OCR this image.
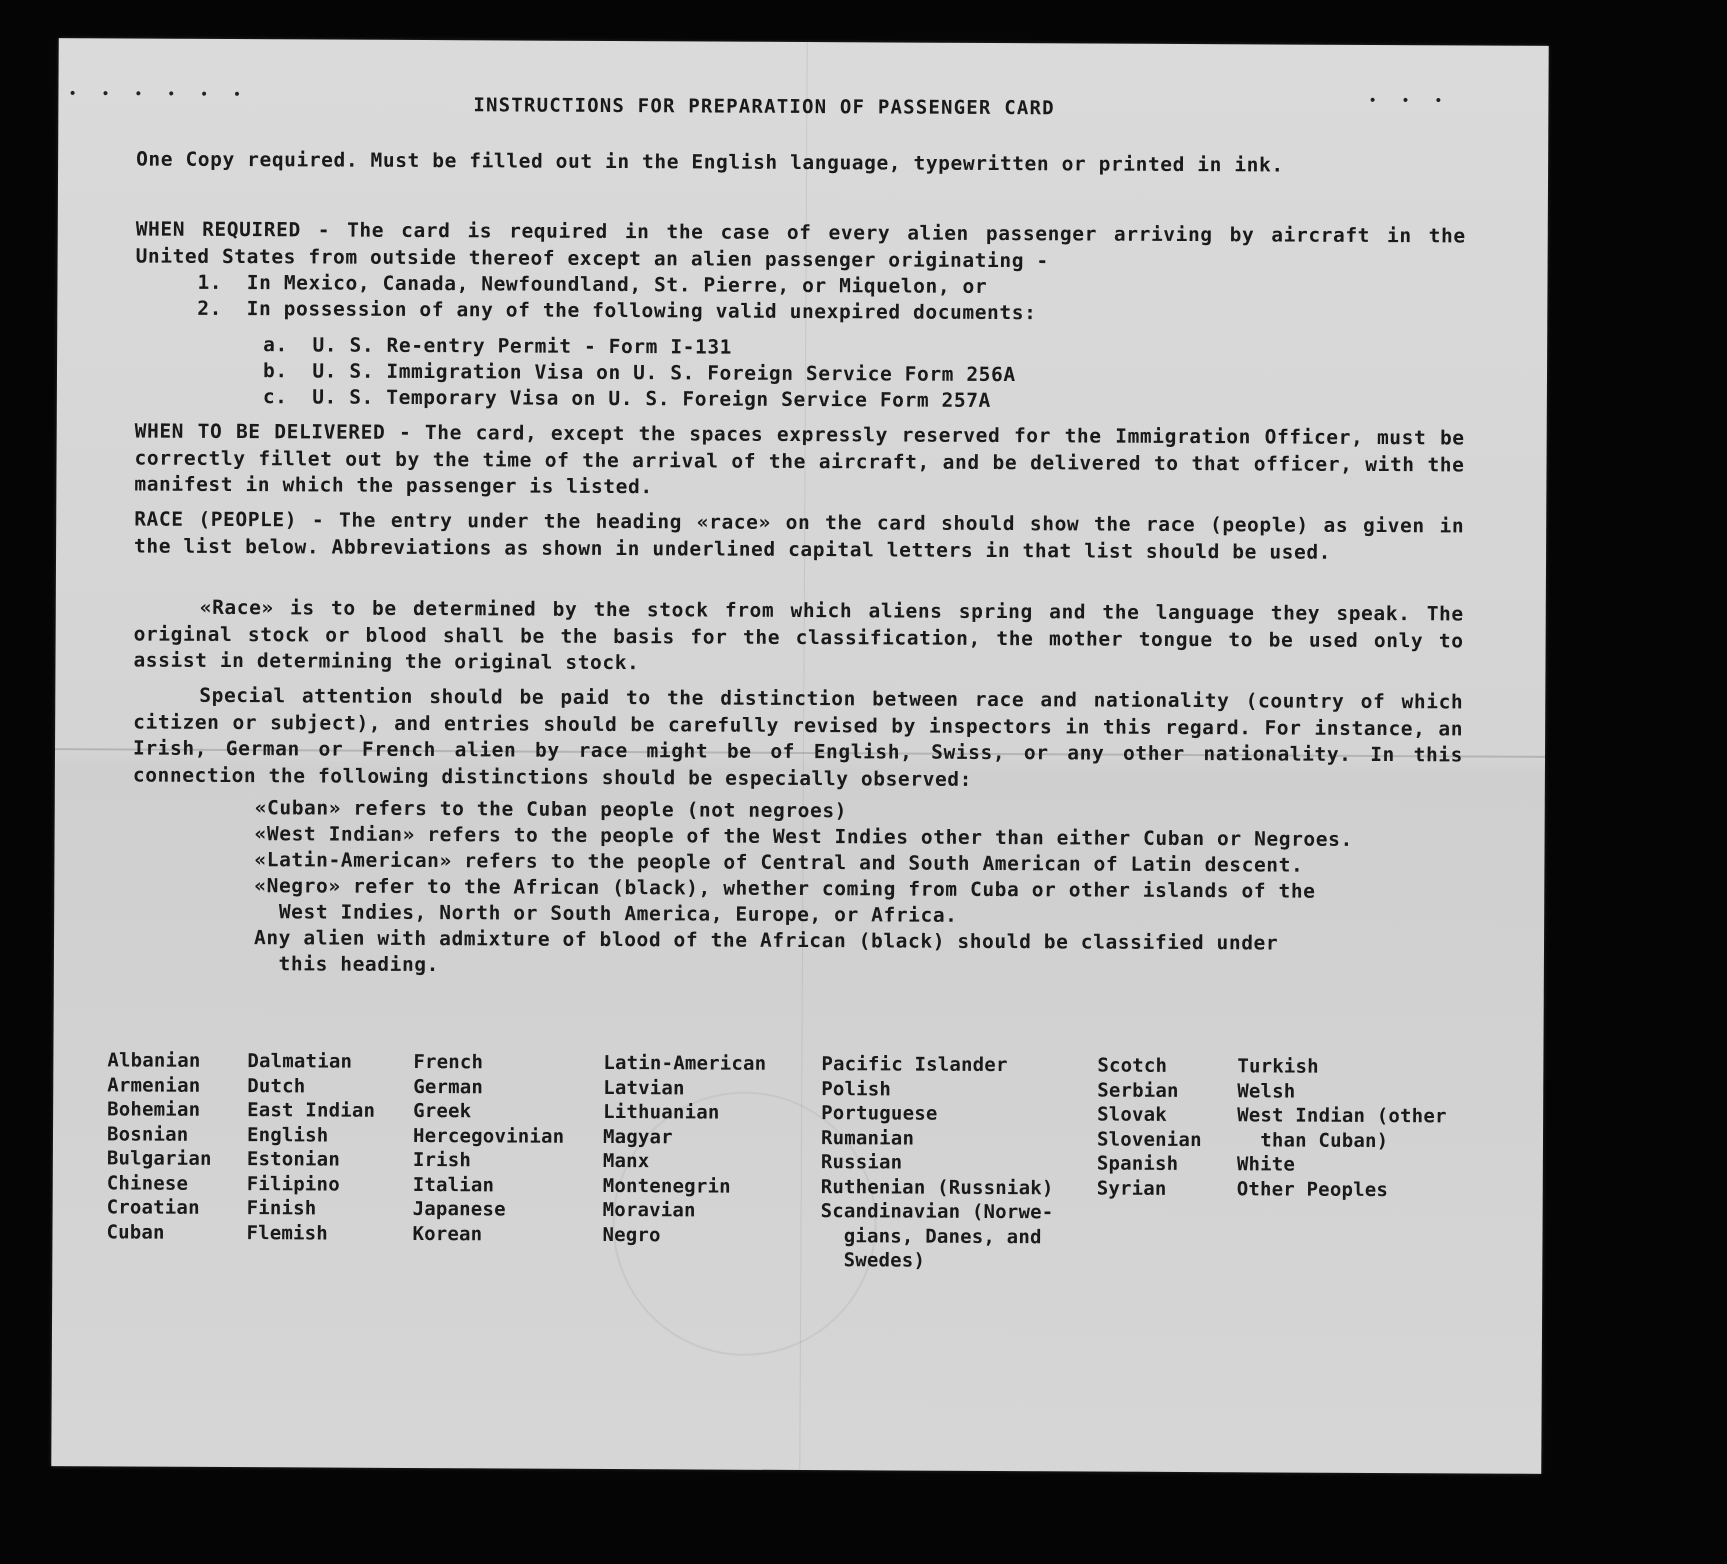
• • • • • •	• • •
INSTRUCTIONS FOR PREPARATION OF PASSENGER CARD

One Copy required. Must be filled out in the English language, typewritten or printed in ink.

WHEN REQUIRED - The card is required in the case of every alien passenger arriving by aircraft in the United States from outside thereof except an alien passenger originating -

1.  In Mexico, Canada, Newfoundland, St. Pierre, or Miquelon, or
2.  In possession of any of the following valid unexpired documents:
a.  U. S. Re-entry Permit - Form I-131
b.  U. S. Immigration Visa on U. S. Foreign Service Form 256A
c.  U. S. Temporary Visa on U. S. Foreign Service Form 257A

WHEN TO BE DELIVERED - The card, except the spaces expressly reserved for the Immigration Officer, must be correctly fillet out by the time of the arrival of the aircraft, and be delivered to that officer, with the manifest in which the passenger is listed.

RACE (PEOPLE) - The entry under the heading «race» on the card should show the race (people) as given in the list below. Abbreviations as shown in underlined capital letters in that list should be used.

«Race» is to be determined by the stock from which aliens spring and the language they speak. The original stock or blood shall be the basis for the classification, the mother tongue to be used only to assist in determining the original stock.

Special attention should be paid to the distinction between race and nationality (country of which citizen or subject), and entries should be carefully revised by inspectors in this regard. For instance, an Irish, German or French alien by race might be of English, Swiss, or any other nationality. In this connection the following distinctions should be especially observed:

«Cuban» refers to the Cuban people (not negroes)
«West Indian» refers to the people of the West Indies other than either Cuban or Negroes.
«Latin-American» refers to the people of Central and South American of Latin descent.
«Negro» refer to the African (black), whether coming from Cuba or other islands of the
West Indies, North or South America, Europe, or Africa.
Any alien with admixture of blood of the African (black) should be classified under
this heading.
Albanian
Armenian
Bohemian
Bosnian
Bulgarian
Chinese
Croatian
Cuban
Dalmatian
Dutch
East Indian
English
Estonian
Filipino
Finish
Flemish
French
German
Greek
Hercegovinian
Irish
Italian
Japanese
Korean
Latin-American
Latvian
Lithuanian
Magyar
Manx
Montenegrin
Moravian
Negro
Pacific Islander
Polish
Portuguese
Rumanian
Russian
Ruthenian (Russniak)
Scandinavian (Norwe-
gians, Danes, and
Swedes)
Scotch
Serbian
Slovak
Slovenian
Spanish
Syrian
Turkish
Welsh
West Indian (other
than Cuban)
White
Other Peoples
